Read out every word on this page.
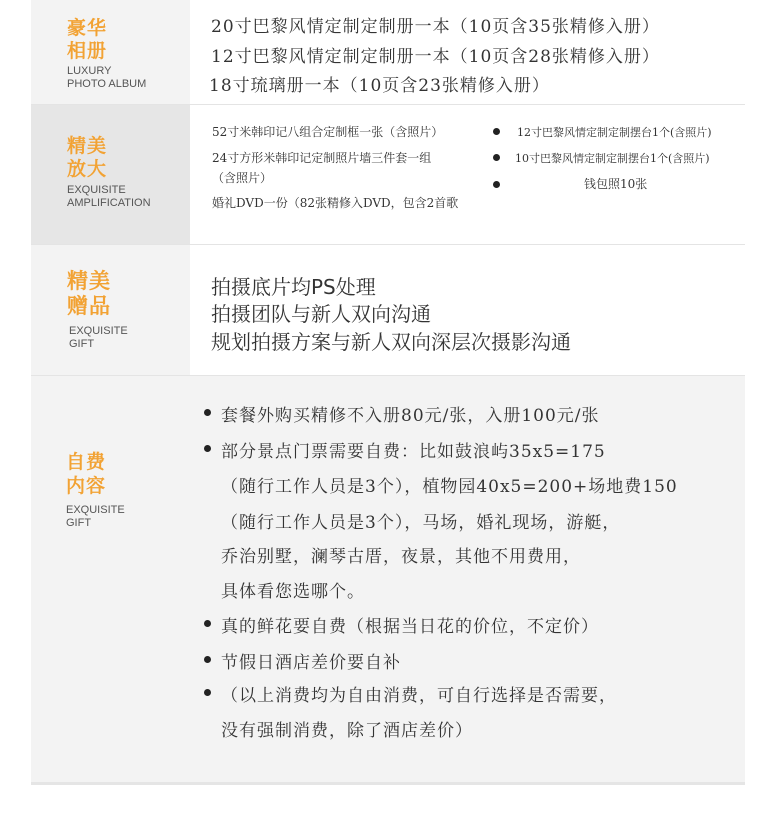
豪华
相册
LUXURY
PHOTO ALBUM
20寸巴黎风情定制定制册一本（10页含35张精修入册）
12寸巴黎风情定制定制册一本（10页含28张精修入册）
18寸琉璃册一本（10页含23张精修入册）
精美
放大
EXQUISITE
AMPLIFICATION
52寸米韩印记八组合定制框一张（含照片）
24寸方形米韩印记定制照片墙三件套一组
（含照片）
婚礼DVD一份（82张精修入DVD，包含2首歌
12寸巴黎风情定制定制摆台1个(含照片)
10寸巴黎风情定制定制摆台1个(含照片)
钱包照10张
精美
赠品
EXQUISITE
GIFT
拍摄底片均PS处理
拍摄团队与新人双向沟通
规划拍摄方案与新人双向深层次摄影沟通
自费
内容
EXQUISITE
GIFT
套餐外购买精修不入册80元/张，入册100元/张
部分景点门票需要自费：比如鼓浪屿35x5=175
（随行工作人员是3个），植物园40x5=200+场地费150
（随行工作人员是3个），马场，婚礼现场，游艇，
乔治别墅，澜琴古厝，夜景，其他不用费用，
具体看您选哪个。
真的鲜花要自费（根据当日花的价位，不定价）
节假日酒店差价要自补
（以上消费均为自由消费，可自行选择是否需要，
没有强制消费，除了酒店差价）
